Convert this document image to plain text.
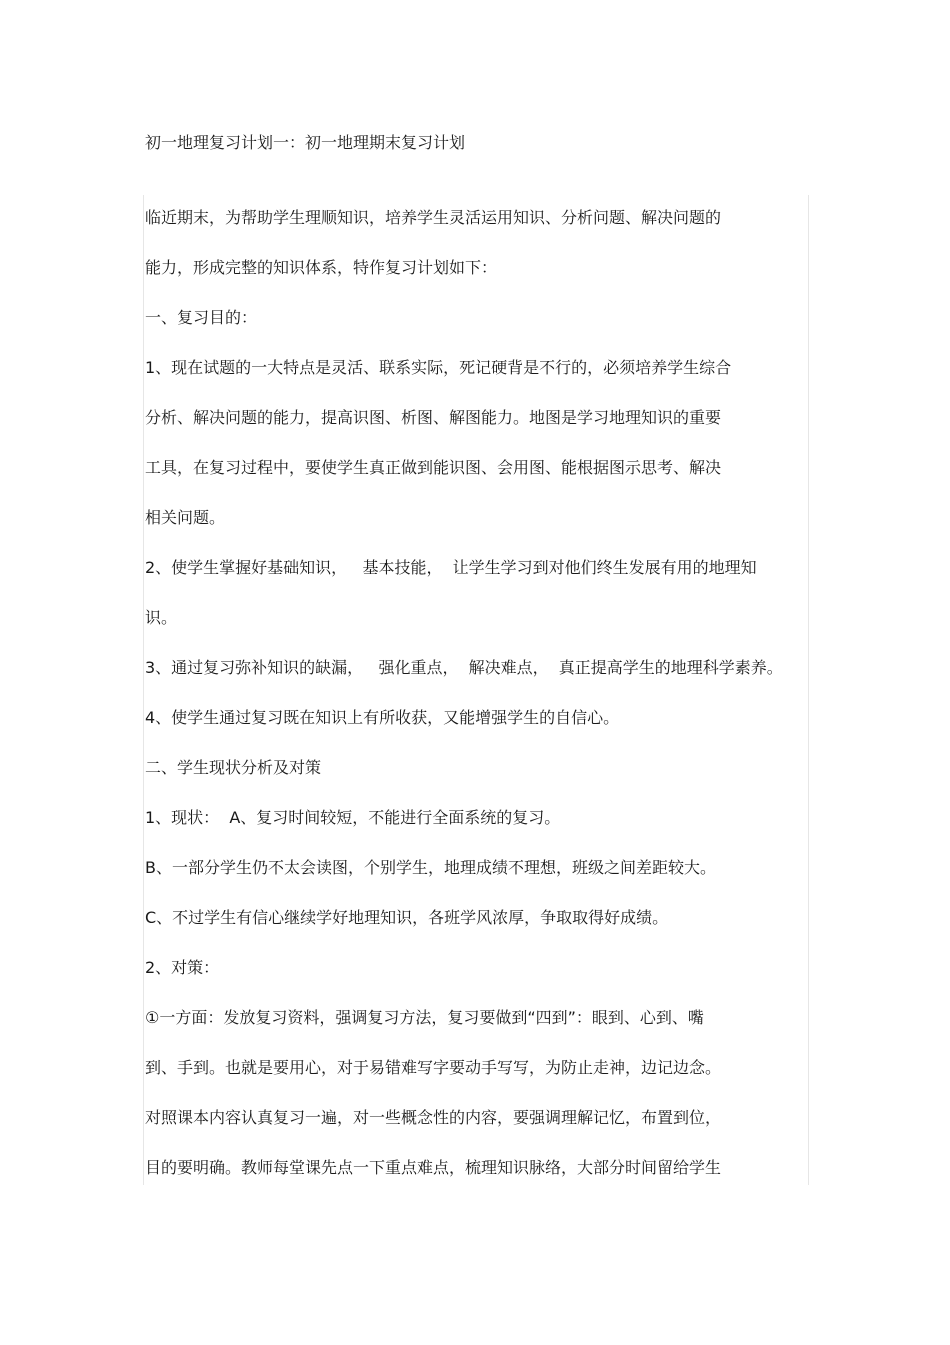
初一地理复习计划一：初一地理期末复习计划
临近期末，为帮助学生理顺知识，培养学生灵活运用知识、分析问题、解决问题的
能力，形成完整的知识体系，特作复习计划如下：
一、复习目的：
1、现在试题的一大特点是灵活、联系实际，死记硬背是不行的，必须培养学生综合
分析、解决问题的能力，提高识图、析图、解图能力。地图是学习地理知识的重要
工具，在复习过程中，要使学生真正做到能识图、会用图、能根据图示思考、解决
相关问题。
2、使学生掌握好基础知识，   基本技能，  让学生学习到对他们终生发展有用的地理知
识。
3、通过复习弥补知识的缺漏，   强化重点，  解决难点，  真正提高学生的地理科学素养。
4、使学生通过复习既在知识上有所收获，又能增强学生的自信心。
二、学生现状分析及对策
1、现状：  A、复习时间较短，不能进行全面系统的复习。
B、一部分学生仍不太会读图，个别学生，地理成绩不理想，班级之间差距较大。
C、不过学生有信心继续学好地理知识，各班学风浓厚，争取取得好成绩。
2、对策：
①一方面：发放复习资料，强调复习方法，复习要做到“四到”：眼到、心到、嘴
到、手到。也就是要用心，对于易错难写字要动手写写，为防止走神，边记边念。
对照课本内容认真复习一遍，对一些概念性的内容，要强调理解记忆，布置到位，
目的要明确。教师每堂课先点一下重点难点，梳理知识脉络，大部分时间留给学生
